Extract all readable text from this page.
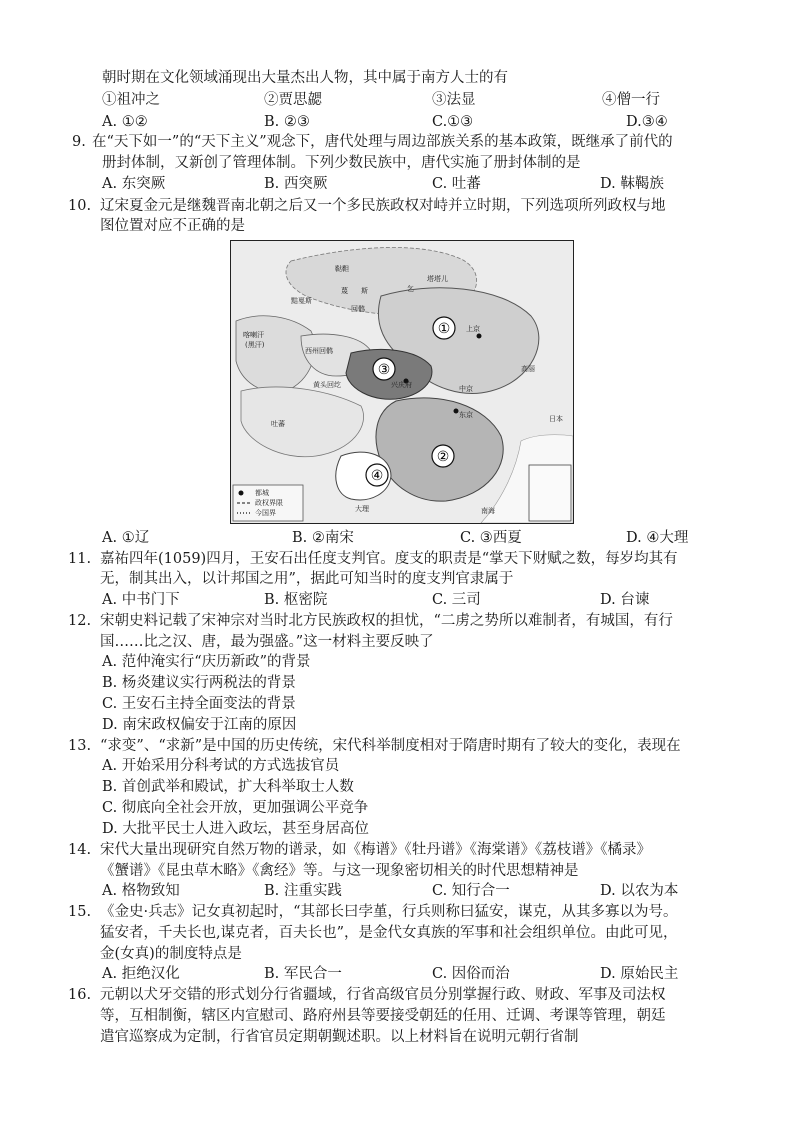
朝时期在文化领域涌现出大量杰出人物，其中属于南方人士的有
①祖冲之	②贾思勰	③法显	④僧一行
A. ①②	B. ②③	C.①③	D.③④
9. 在“天下如一”的“天下主义”观念下，唐代处理与周边部族关系的基本政策，既继承了前代的
册封体制，又新创了管理体制。下列少数民族中，唐代实施了册封体制的是
A. 东突厥	B. 西突厥	C. 吐蕃	D. 靺鞨族
10. 辽宋夏金元是继魏晋南北朝之后又一个多民族政权对峙并立时期，下列选项所列政权与地
图位置对应不正确的是
①
②
③
④
鞑靼
蔑 斯	乞
塔塔儿
黠戛斯
回鹘
喀喇汗
(黑汗)
西州回鹘
黄头回纥
吐蕃
上京
中京
东京
兴庆府
大理	南海
高丽
日本
都城
政权界限
今国界
A. ①辽	B. ②南宋	C. ③西夏	D. ④大理
11. 嘉祐四年(1059)四月，王安石出任度支判官。度支的职责是“掌天下财赋之数，每岁均其有
无，制其出入，以计邦国之用”，据此可知当时的度支判官隶属于
A. 中书门下	B. 枢密院	C. 三司	D. 台谏
12. 宋朝史料记载了宋神宗对当时北方民族政权的担忧，“二虏之势所以难制者，有城国，有行
国……比之汉、唐，最为强盛。”这一材料主要反映了
A. 范仲淹实行“庆历新政”的背景
B. 杨炎建议实行两税法的背景
C. 王安石主持全面变法的背景
D. 南宋政权偏安于江南的原因
13. “求变”、“求新”是中国的历史传统，宋代科举制度相对于隋唐时期有了较大的变化，表现在
A. 开始采用分科考试的方式选拔官员
B. 首创武举和殿试，扩大科举取士人数
C. 彻底向全社会开放，更加强调公平竞争
D. 大批平民士人进入政坛，甚至身居高位
14. 宋代大量出现研究自然万物的谱录，如《梅谱》《牡丹谱》《海棠谱》《荔枝谱》《橘录》
《蟹谱》《昆虫草木略》《禽经》等。与这一现象密切相关的时代思想精神是
A. 格物致知	B. 注重实践	C. 知行合一	D. 以农为本
15. 《金史·兵志》记女真初起时，“其部长曰孛堇，行兵则称曰猛安，谋克，从其多寡以为号。
猛安者，千夫长也,谋克者，百夫长也”，是金代女真族的军事和社会组织单位。由此可见，
金(女真)的制度特点是
A. 拒绝汉化	B. 军民合一	C. 因俗而治	D. 原始民主
16. 元朝以犬牙交错的形式划分行省疆域，行省高级官员分别掌握行政、财政、军事及司法权
等，互相制衡，辖区内宣慰司、路府州县等要接受朝廷的任用、迁调、考课等管理，朝廷
遣官巡察成为定制，行省官员定期朝觐述职。以上材料旨在说明元朝行省制
